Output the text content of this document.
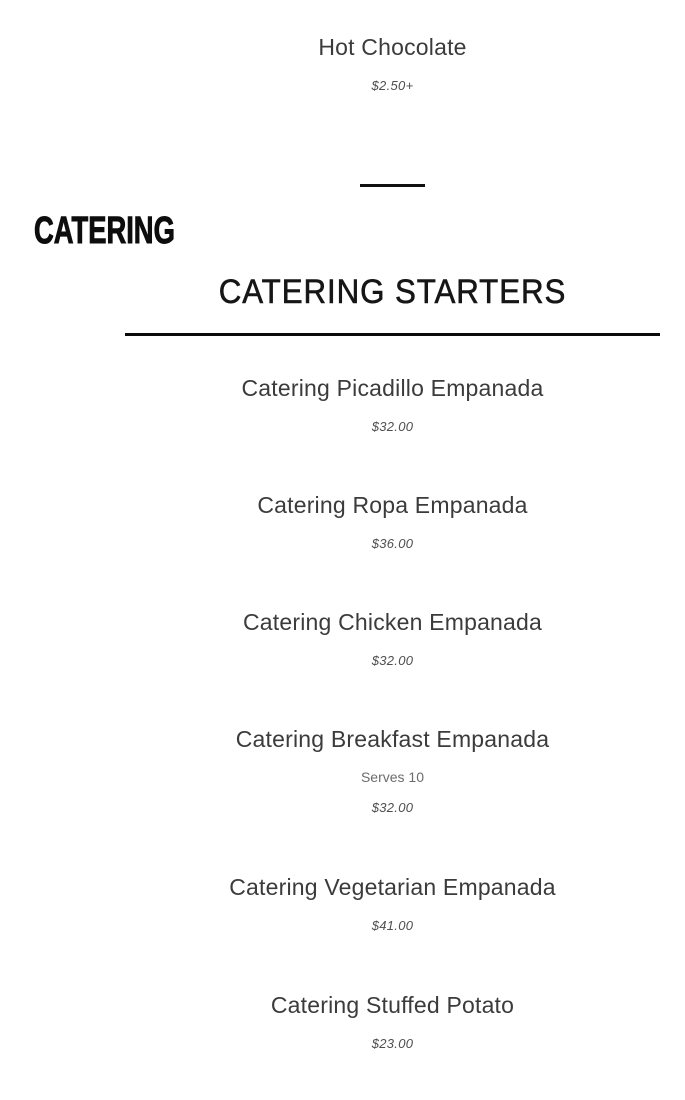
Hot Chocolate
$2.50+
CATERING
CATERING STARTERS
Catering Picadillo Empanada
$32.00
Catering Ropa Empanada
$36.00
Catering Chicken Empanada
$32.00
Catering Breakfast Empanada
Serves 10
$32.00
Catering Vegetarian Empanada
$41.00
Catering Stuffed Potato
$23.00
